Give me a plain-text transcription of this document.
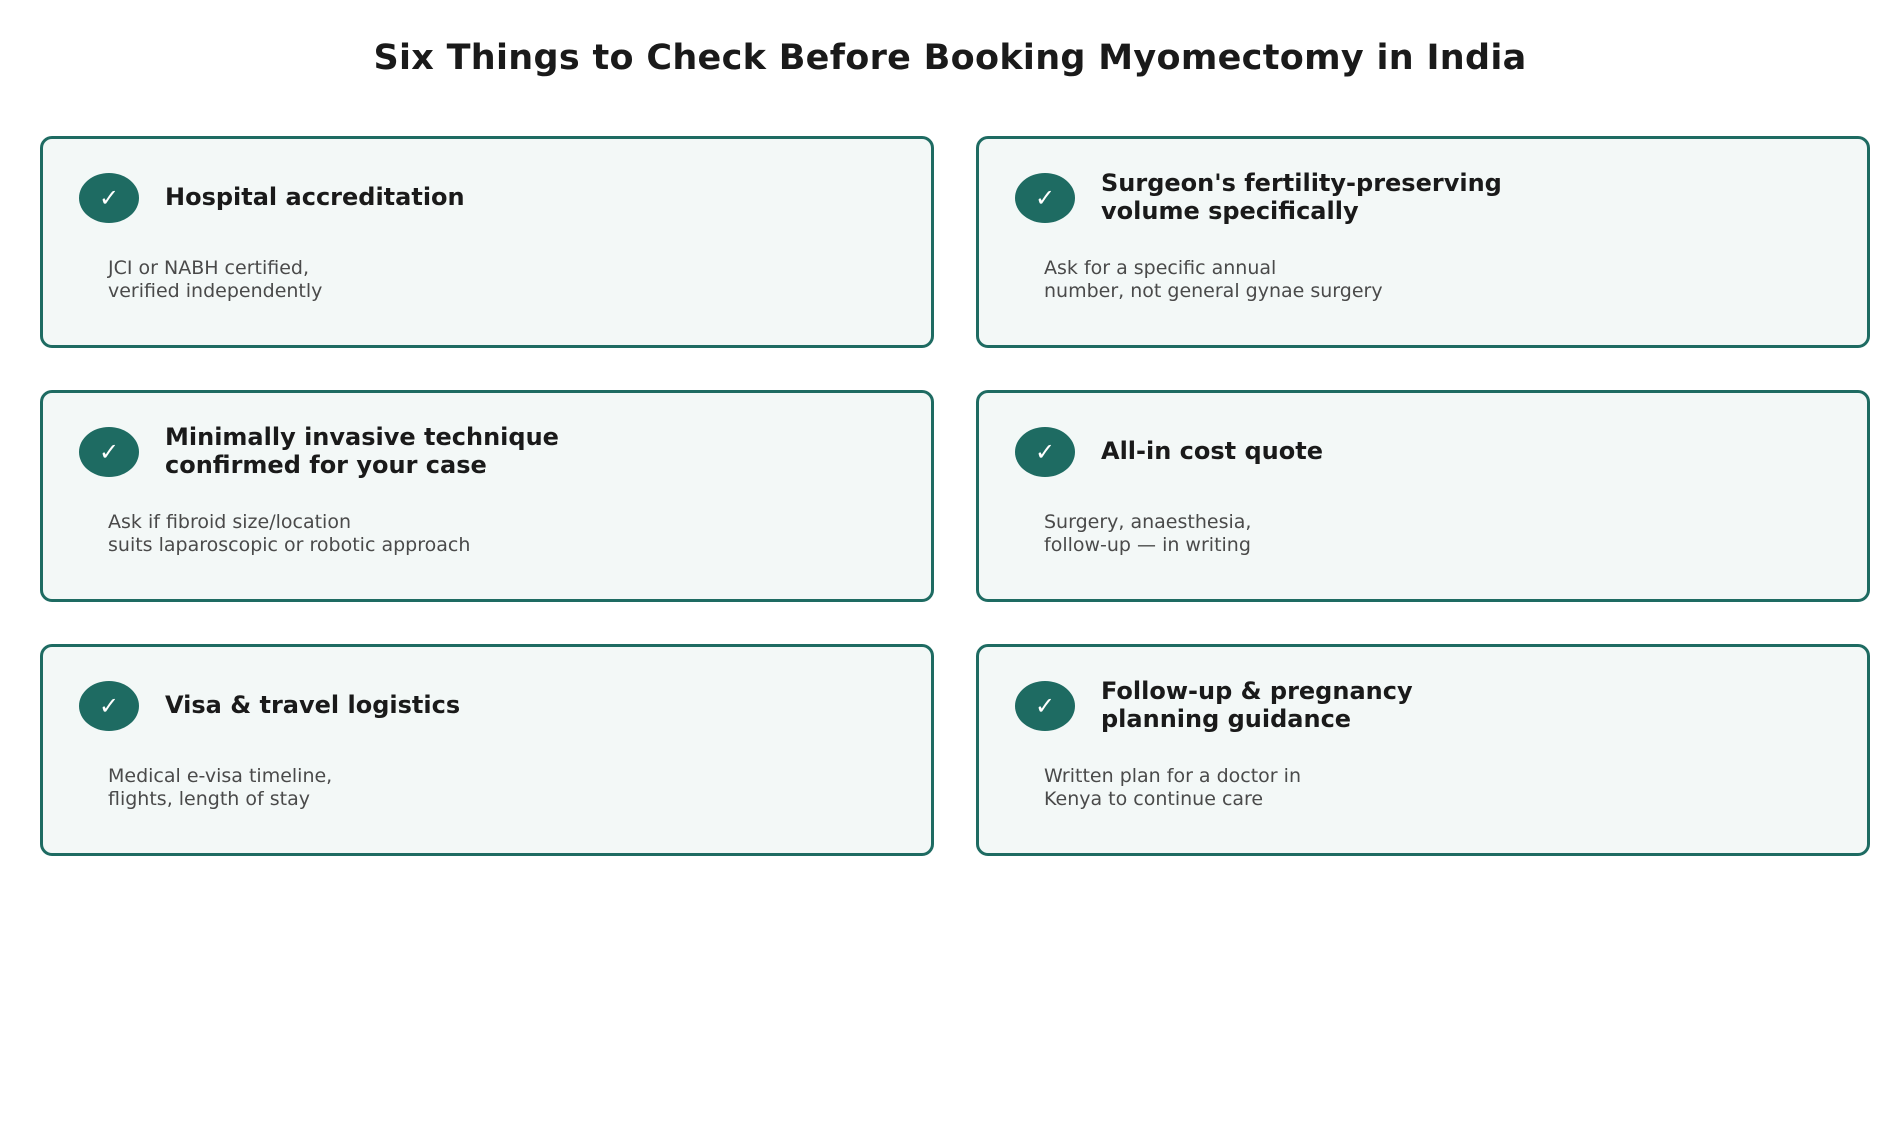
Six Things to Check Before Booking Myomectomy in India
✓	Hospital accreditation
JCI or NABH certified,
verified independently
✓
Surgeon's fertility-preserving
volume specifically
Ask for a specific annual
number, not general gynae surgery
✓
Minimally invasive technique
confirmed for your case
Ask if fibroid size/location
suits laparoscopic or robotic approach
✓	All-in cost quote
Surgery, anaesthesia,
follow-up — in writing
✓	Visa & travel logistics
Medical e-visa timeline,
flights, length of stay
✓
Follow-up & pregnancy
planning guidance
Written plan for a doctor in
Kenya to continue care
